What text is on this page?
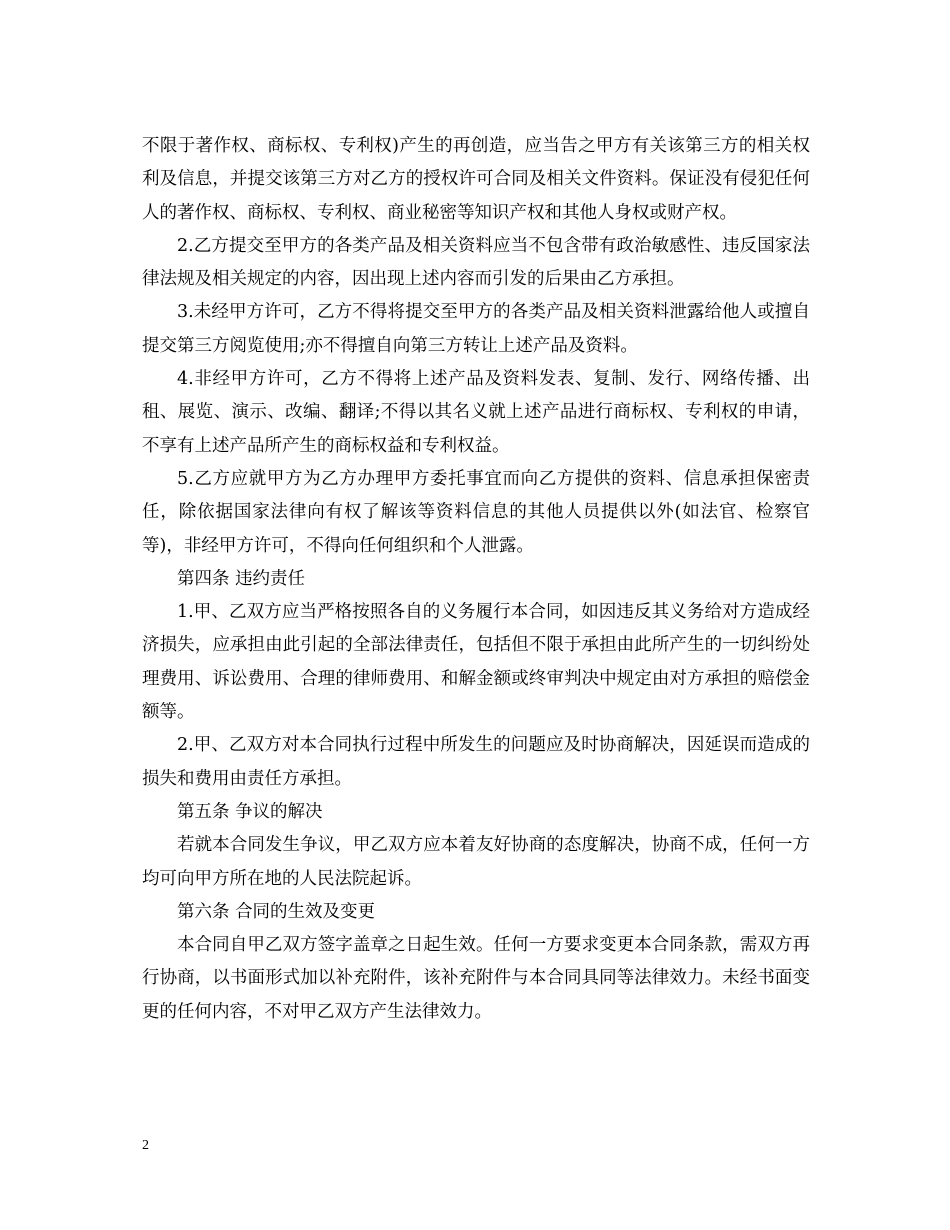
不限于著作权、商标权、专利权)产生的再创造，应当告之甲方有关该第三方的相关权利及信息，并提交该第三方对乙方的授权许可合同及相关文件资料。保证没有侵犯任何人的著作权、商标权、专利权、商业秘密等知识产权和其他人身权或财产权。

2.乙方提交至甲方的各类产品及相关资料应当不包含带有政治敏感性、违反国家法律法规及相关规定的内容，因出现上述内容而引发的后果由乙方承担。

3.未经甲方许可，乙方不得将提交至甲方的各类产品及相关资料泄露给他人或擅自提交第三方阅览使用;亦不得擅自向第三方转让上述产品及资料。

4.非经甲方许可，乙方不得将上述产品及资料发表、复制、发行、网络传播、出租、展览、演示、改编、翻译;不得以其名义就上述产品进行商标权、专利权的申请，不享有上述产品所产生的商标权益和专利权益。

5.乙方应就甲方为乙方办理甲方委托事宜而向乙方提供的资料、信息承担保密责任，除依据国家法律向有权了解该等资料信息的其他人员提供以外(如法官、检察官等)，非经甲方许可，不得向任何组织和个人泄露。

第四条 违约责任

1.甲、乙双方应当严格按照各自的义务履行本合同，如因违反其义务给对方造成经济损失，应承担由此引起的全部法律责任，包括但不限于承担由此所产生的一切纠纷处理费用、诉讼费用、合理的律师费用、和解金额或终审判决中规定由对方承担的赔偿金额等。

2.甲、乙双方对本合同执行过程中所发生的问题应及时协商解决，因延误而造成的损失和费用由责任方承担。

第五条 争议的解决

若就本合同发生争议，甲乙双方应本着友好协商的态度解决，协商不成，任何一方均可向甲方所在地的人民法院起诉。

第六条 合同的生效及变更

本合同自甲乙双方签字盖章之日起生效。任何一方要求变更本合同条款，需双方再行协商，以书面形式加以补充附件，该补充附件与本合同具同等法律效力。未经书面变更的任何内容，不对甲乙双方产生法律效力。

2
